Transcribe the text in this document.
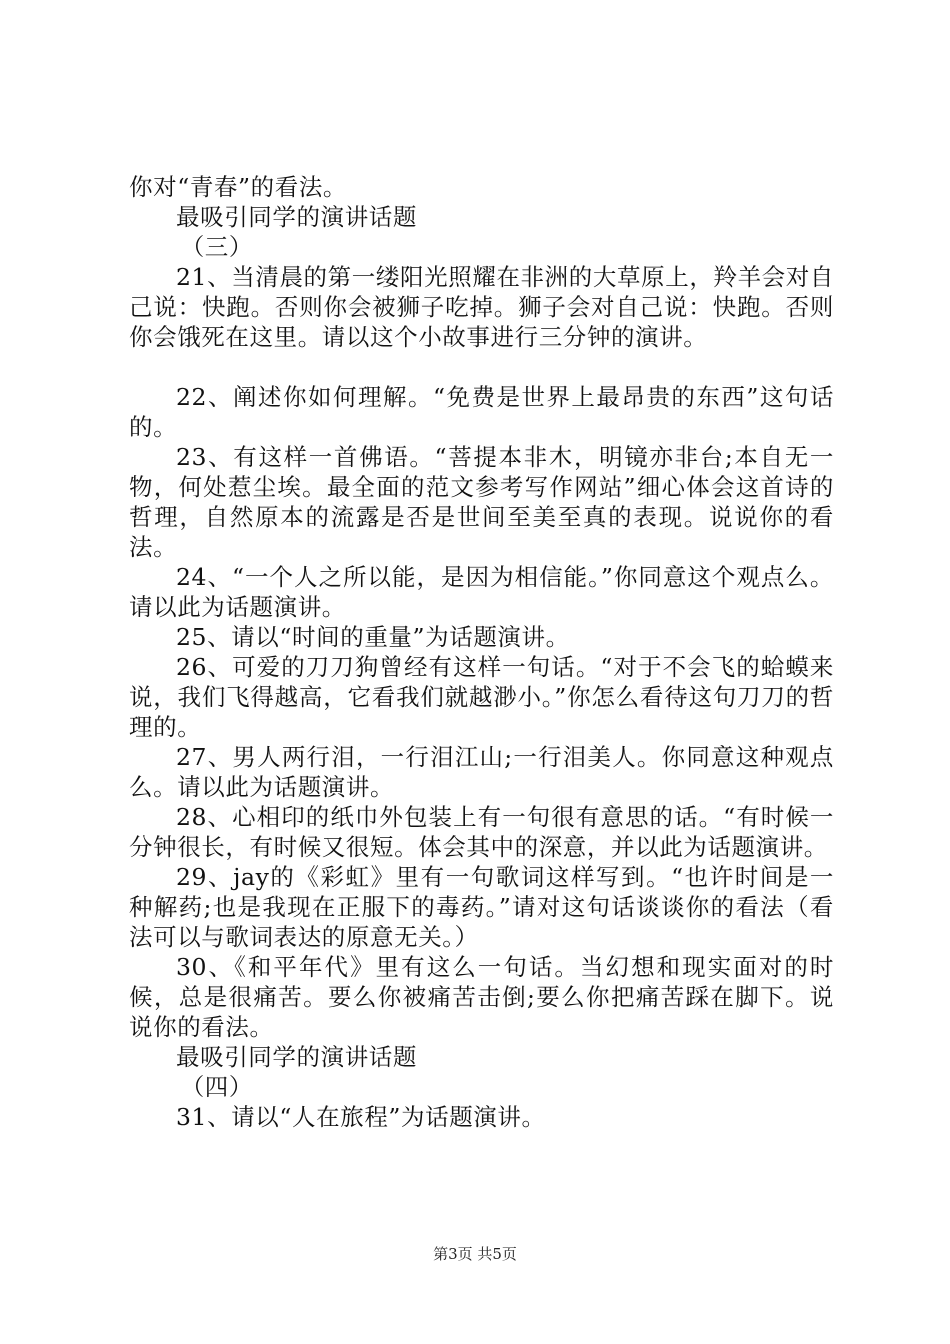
你对“青春”的看法。

最吸引同学的演讲话题

（三）

21、当清晨的第一缕阳光照耀在非洲的大草原上，羚羊会对自己说：快跑。否则你会被狮子吃掉。狮子会对自己说：快跑。否则你会饿死在这里。请以这个小故事进行三分钟的演讲。

22、阐述你如何理解。“免费是世界上最昂贵的东西”这句话的。

23、有这样一首佛语。“菩提本非木，明镜亦非台;本自无一物，何处惹尘埃。最全面的范文参考写作网站”细心体会这首诗的哲理，自然原本的流露是否是世间至美至真的表现。说说你的看法。

24、“一个人之所以能，是因为相信能。”你同意这个观点么。请以此为话题演讲。

25、请以“时间的重量”为话题演讲。

26、可爱的刀刀狗曾经有这样一句话。“对于不会飞的蛤蟆来说，我们飞得越高，它看我们就越渺小。”你怎么看待这句刀刀的哲理的。

27、男人两行泪，一行泪江山;一行泪美人。你同意这种观点么。请以此为话题演讲。

28、心相印的纸巾外包装上有一句很有意思的话。“有时候一分钟很长，有时候又很短。体会其中的深意，并以此为话题演讲。

29、jay的《彩虹》里有一句歌词这样写到。“也许时间是一种解药;也是我现在正服下的毒药。”请对这句话谈谈你的看法（看法可以与歌词表达的原意无关。）

30、《和平年代》里有这么一句话。当幻想和现实面对的时候，总是很痛苦。要么你被痛苦击倒;要么你把痛苦踩在脚下。说说你的看法。

最吸引同学的演讲话题

（四）

31、请以“人在旅程”为话题演讲。

第3页 共5页
